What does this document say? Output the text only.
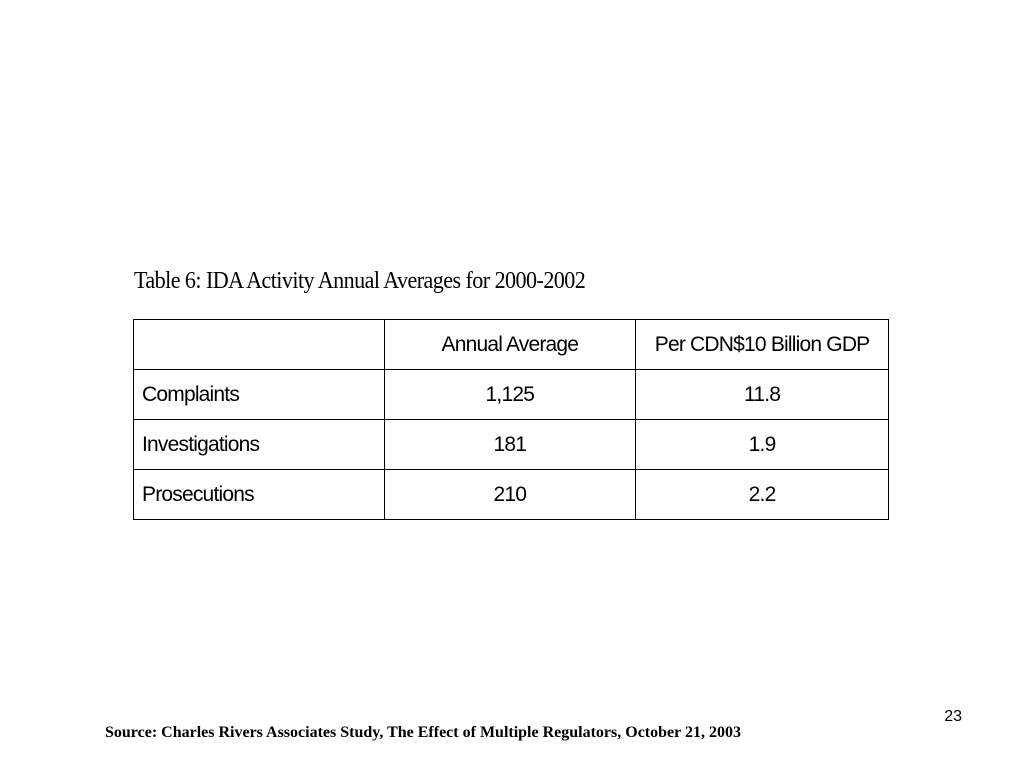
Table 6: IDA Activity Annual Averages for 2000-2002
	Annual Average	Per CDN$10 Billion GDP
Complaints	1,125	11.8
Investigations	181	1.9
Prosecutions	210	2.2
23
Source: Charles Rivers Associates Study, The Effect of Multiple Regulators, October 21, 2003
